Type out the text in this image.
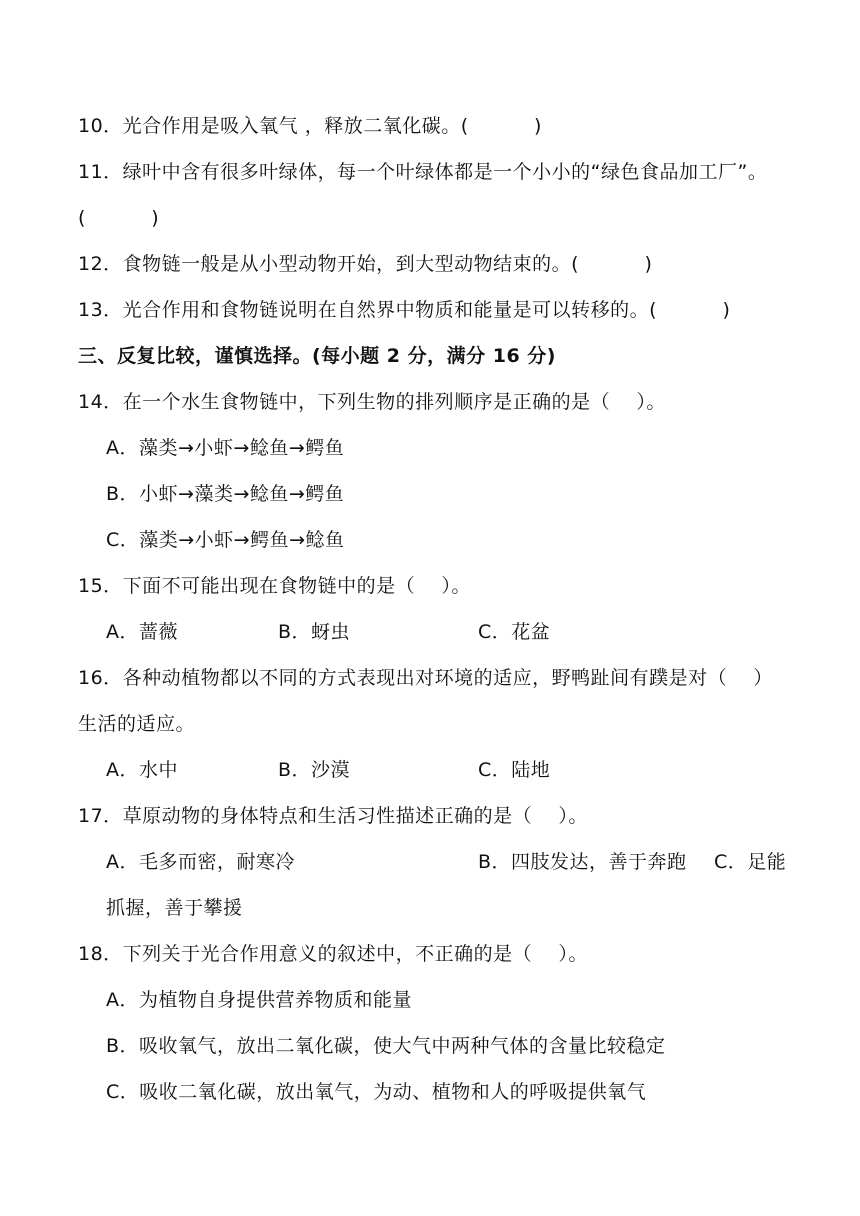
10．光合作用是吸入氧气 ，释放二氧化碳。(          )
11．绿叶中含有很多叶绿体，每一个叶绿体都是一个小小的“绿色食品加工厂”。
(          )
12．食物链一般是从小型动物开始，到大型动物结束的。(          )
13．光合作用和食物链说明在自然界中物质和能量是可以转移的。(          )
三、反复比较，谨慎选择。(每小题 2 分，满分 16 分)
14．在一个水生食物链中，下列生物的排列顺序是正确的是（    ）。
A．藻类→小虾→鲶鱼→鳄鱼
B．小虾→藻类→鲶鱼→鳄鱼
C．藻类→小虾→鳄鱼→鲶鱼
15．下面不可能出现在食物链中的是（    ）。
A．蔷薇	B．蚜虫	C．花盆
16．各种动植物都以不同的方式表现出对环境的适应，野鸭趾间有蹼是对（    ）
生活的适应。
A．水中	B．沙漠	C．陆地
17．草原动物的身体特点和生活习性描述正确的是（    ）。
A．毛多而密，耐寒冷	B．四肢发达，善于奔跑 C．足能
抓握，善于攀援
18．下列关于光合作用意义的叙述中，不正确的是（    ）。
A．为植物自身提供营养物质和能量
B．吸收氧气，放出二氧化碳，使大气中两种气体的含量比较稳定
C．吸收二氧化碳，放出氧气，为动、植物和人的呼吸提供氧气
